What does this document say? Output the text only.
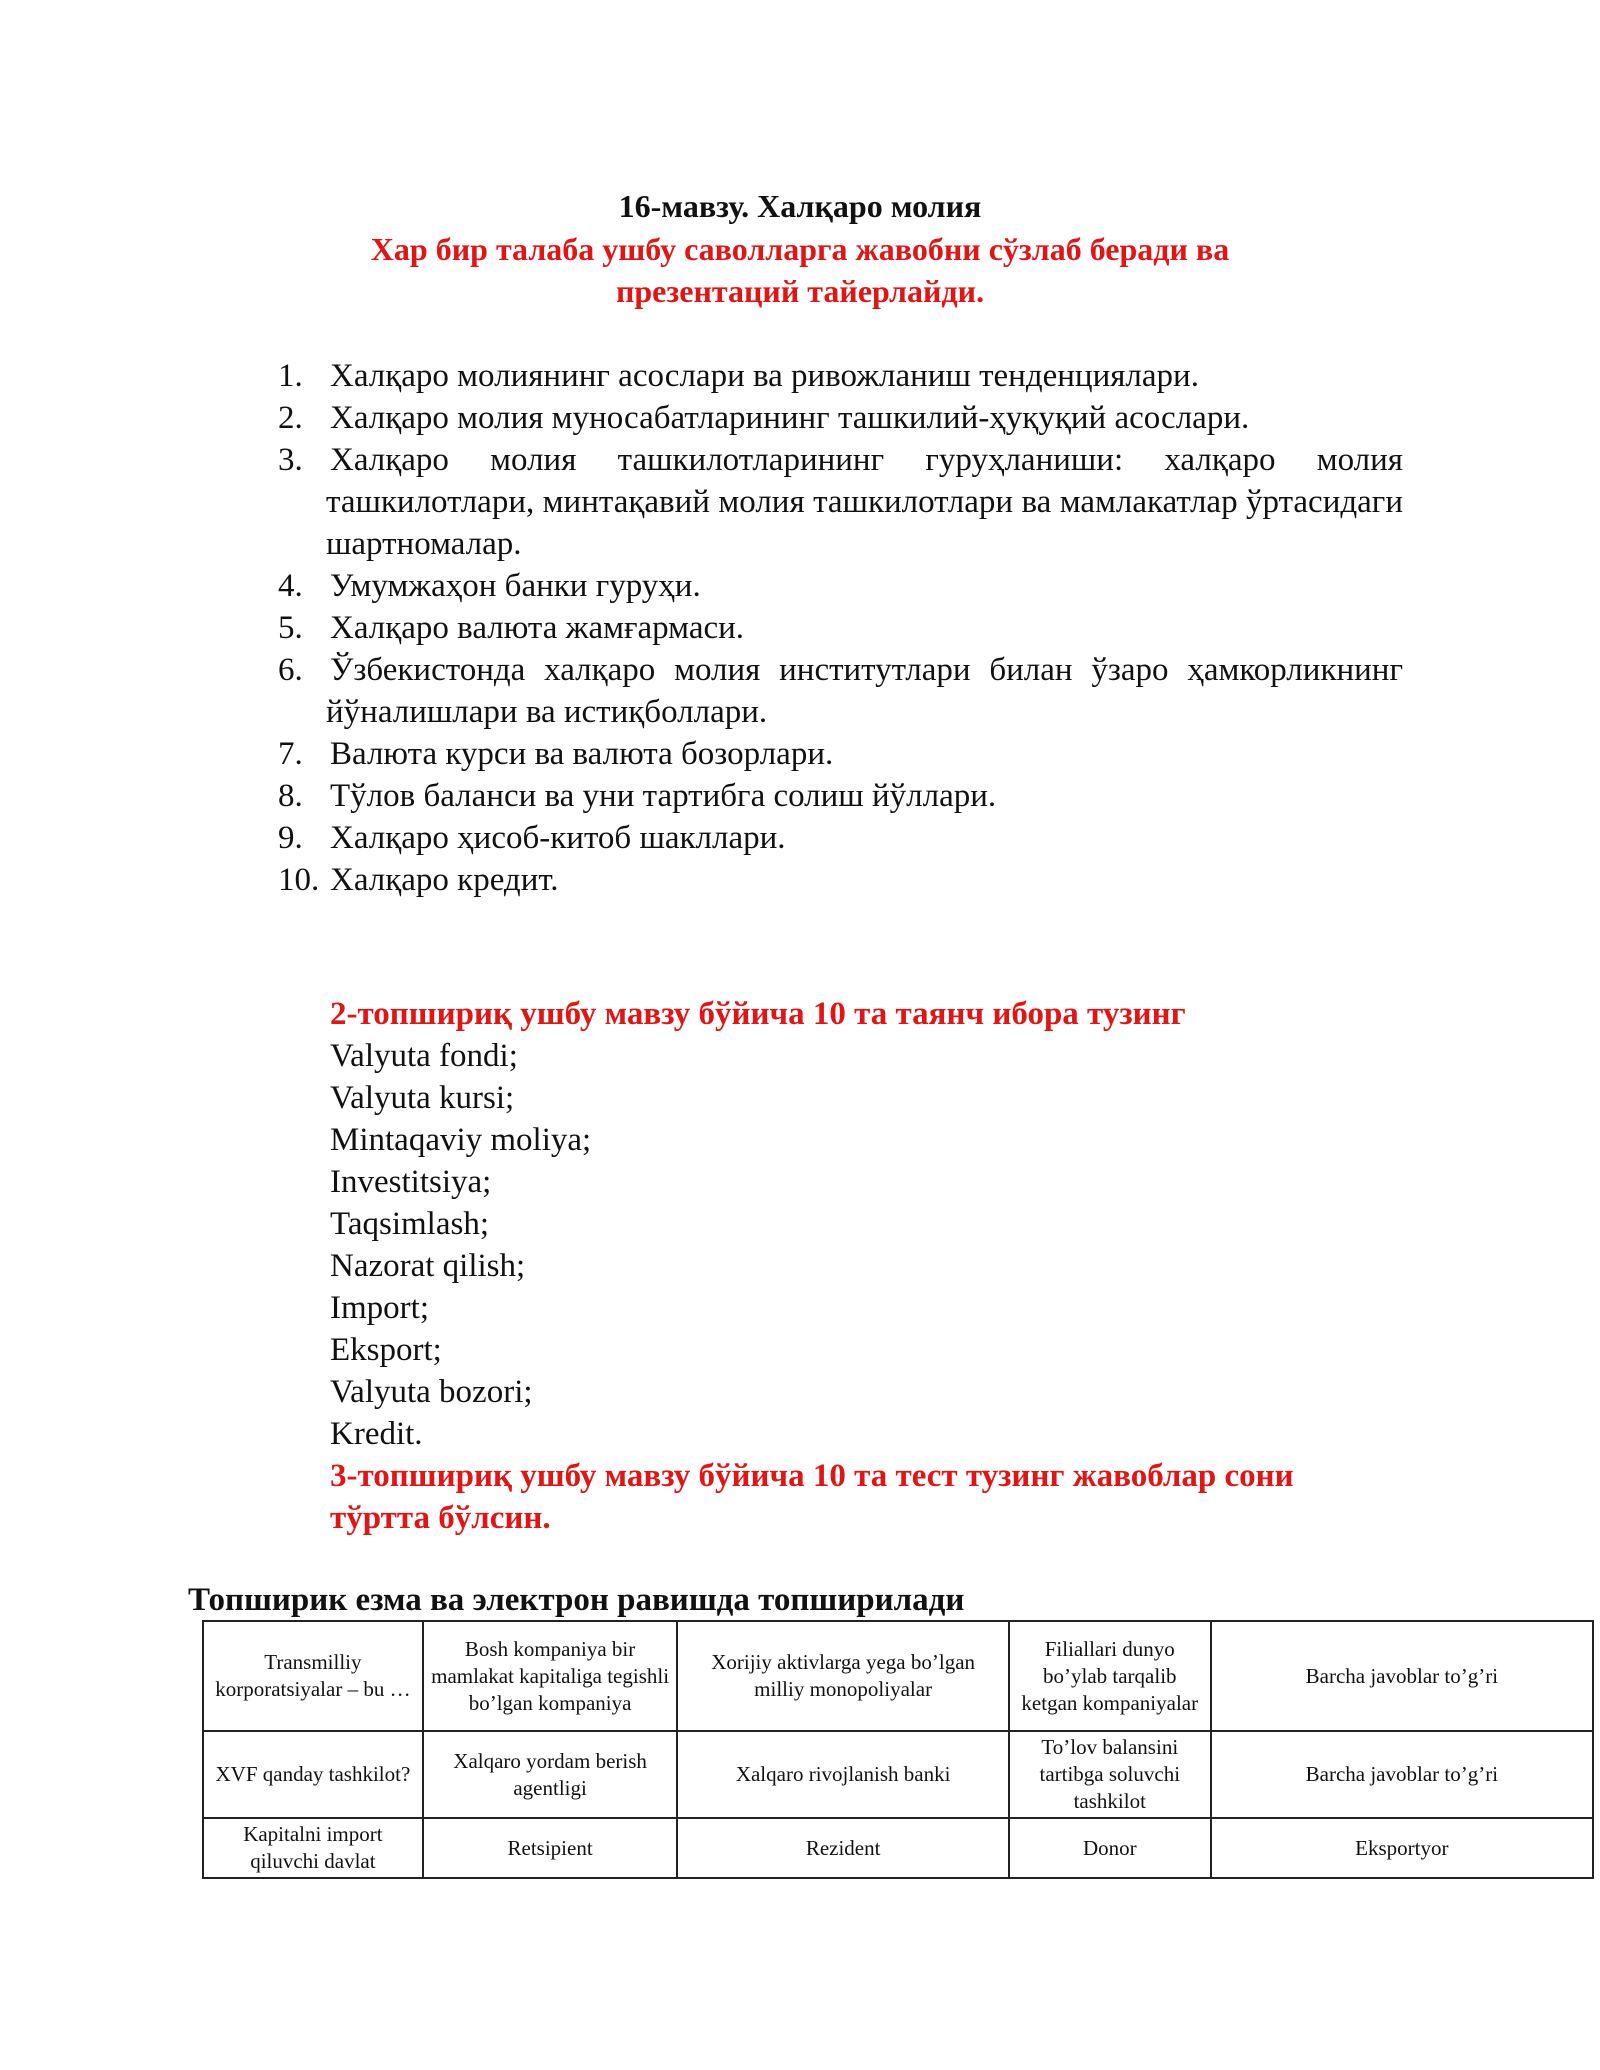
16-мавзу. Халқаро молия
Хар бир талаба ушбу саволларга жавобни сўзлаб беради ва
презентаций тайерлайди.
1. Халқаро молиянинг асослари ва ривожланиш тенденциялари.
2. Халқаро молия муносабатларининг ташкилий-ҳуқуқий асослари.
3. Халқаро молия ташкилотларининг гуруҳланиши: халқаро молия ташкилотлари, минтақавий молия ташкилотлари ва мамлакатлар ўртасидаги шартномалар.
4. Умумжаҳон банки гуруҳи.
5. Халқаро валюта жамғармаси.
6. Ўзбекистонда халқаро молия институтлари билан ўзаро ҳамкорликнинг йўналишлари ва истиқболлари.
7. Валюта курси ва валюта бозорлари.
8. Тўлов баланси ва уни тартибга солиш йўллари.
9. Халқаро ҳисоб-китоб шакллари.
10. Халқаро кредит.
2-топшириқ ушбу мавзу бўйича 10 та таянч ибора тузинг
Valyuta fondi;
Valyuta kursi;
Mintaqaviy moliya;
Investitsiya;
Taqsimlash;
Nazorat qilish;
Import;
Eksport;
Valyuta bozori;
Kredit.
3-топшириқ ушбу мавзу бўйича 10 та тест тузинг жавоблар сони
тўртта бўлсин.
Топширик езма ва электрон равишда топширилади
Transmilliy korporatsiyalar – bu …	Bosh kompaniya bir mamlakat kapitaliga tegishli bo’lgan kompaniya	Xorijiy aktivlarga yega bo’lgan milliy monopoliyalar	Filiallari dunyo bo’ylab tarqalib ketgan kompaniyalar	Barcha javoblar to’g’ri
XVF qanday tashkilot?	Xalqaro yordam berish agentligi	Xalqaro rivojlanish banki	To’lov balansini tartibga soluvchi tashkilot	Barcha javoblar to’g’ri
Kapitalni import qiluvchi davlat	Retsipient	Rezident	Donor	Eksportyor
